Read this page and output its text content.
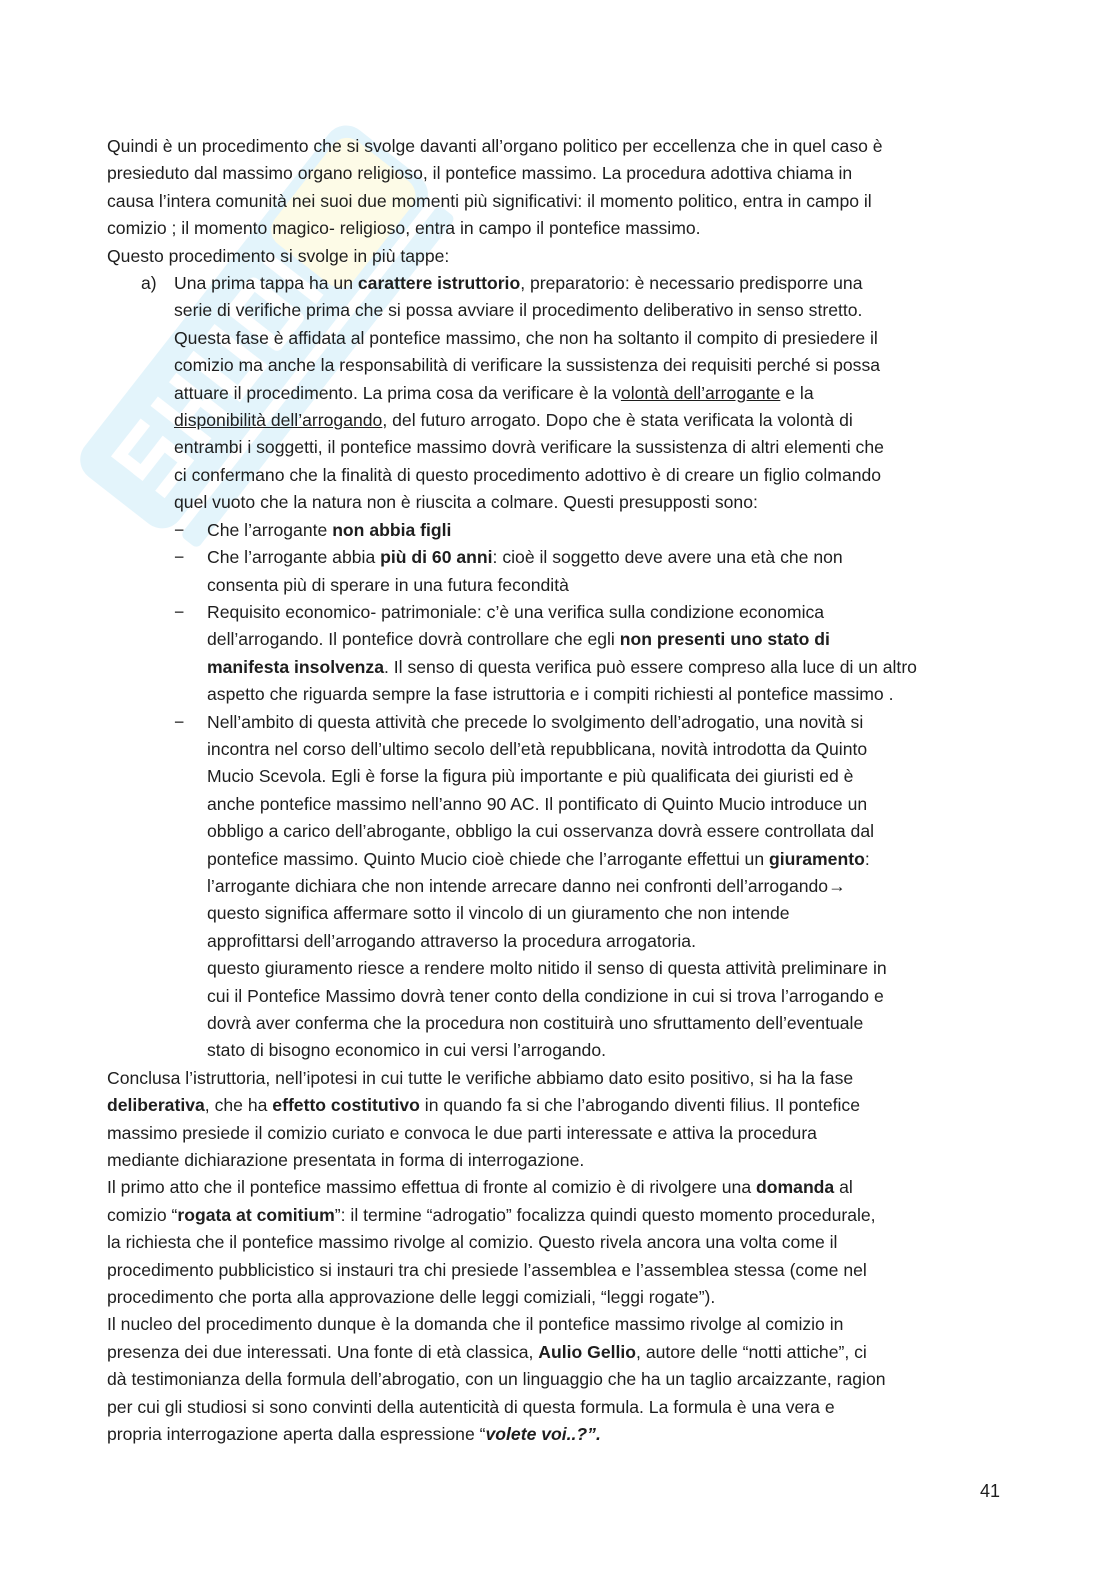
Quindi è un procedimento che si svolge davanti all’organo politico per eccellenza che in quel caso è

presieduto dal massimo organo religioso, il pontefice massimo. La procedura adottiva chiama in

causa l’intera comunità nei suoi due momenti più significativi: il momento politico, entra in campo il

comizio ; il momento magico- religioso, entra in campo il pontefice massimo.

Questo procedimento si svolge in più tappe:

a) Una prima tappa ha un carattere istruttorio, preparatorio: è necessario predisporre una

serie di verifiche prima che si possa avviare il procedimento deliberativo in senso stretto.

Questa fase è affidata al pontefice massimo, che non ha soltanto il compito di presiedere il

comizio ma anche la responsabilità di verificare la sussistenza dei requisiti perché si possa

attuare il procedimento. La prima cosa da verificare è la volontà dell’arrogante e la

disponibilità dell’arrogando, del futuro arrogato. Dopo che è stata verificata la volontà di

entrambi i soggetti, il pontefice massimo dovrà verificare la sussistenza di altri elementi che

ci confermano che la finalità di questo procedimento adottivo è di creare un figlio colmando

quel vuoto che la natura non è riuscita a colmare. Questi presupposti sono:

− Che l’arrogante non abbia figli

− Che l’arrogante abbia più di 60 anni: cioè il soggetto deve avere una età che non

consenta più di sperare in una futura fecondità

− Requisito economico- patrimoniale: c’è una verifica sulla condizione economica

dell’arrogando. Il pontefice dovrà controllare che egli non presenti uno stato di

manifesta insolvenza. Il senso di questa verifica può essere compreso alla luce di un altro

aspetto che riguarda sempre la fase istruttoria e i compiti richiesti al pontefice massimo .

− Nell’ambito di questa attività che precede lo svolgimento dell’adrogatio, una novità si

incontra nel corso dell’ultimo secolo dell’età repubblicana, novità introdotta da Quinto

Mucio Scevola. Egli è forse la figura più importante e più qualificata dei giuristi ed è

anche pontefice massimo nell’anno 90 AC. Il pontificato di Quinto Mucio introduce un

obbligo a carico dell’abrogante, obbligo la cui osservanza dovrà essere controllata dal

pontefice massimo. Quinto Mucio cioè chiede che l’arrogante effettui un giuramento:

l’arrogante dichiara che non intende arrecare danno nei confronti dell’arrogando→

questo significa affermare sotto il vincolo di un giuramento che non intende

approfittarsi dell’arrogando attraverso la procedura arrogatoria.

questo giuramento riesce a rendere molto nitido il senso di questa attività preliminare in

cui il Pontefice Massimo dovrà tener conto della condizione in cui si trova l’arrogando e

dovrà aver conferma che la procedura non costituirà uno sfruttamento dell’eventuale

stato di bisogno economico in cui versi l’arrogando.

Conclusa l’istruttoria, nell’ipotesi in cui tutte le verifiche abbiamo dato esito positivo, si ha la fase

deliberativa, che ha effetto costitutivo in quando fa si che l’abrogando diventi filius. Il pontefice

massimo presiede il comizio curiato e convoca le due parti interessate e attiva la procedura

mediante dichiarazione presentata in forma di interrogazione.

Il primo atto che il pontefice massimo effettua di fronte al comizio è di rivolgere una domanda al

comizio “rogata at comitium”: il termine “adrogatio” focalizza quindi questo momento procedurale,

la richiesta che il pontefice massimo rivolge al comizio. Questo rivela ancora una volta come il

procedimento pubblicistico si instauri tra chi presiede l’assemblea e l’assemblea stessa (come nel

procedimento che porta alla approvazione delle leggi comiziali, “leggi rogate”).

Il nucleo del procedimento dunque è la domanda che il pontefice massimo rivolge al comizio in

presenza dei due interessati. Una fonte di età classica, Aulio Gellio, autore delle “notti attiche”, ci

dà testimonianza della formula dell’abrogatio, con un linguaggio che ha un taglio arcaizzante, ragion

per cui gli studiosi si sono convinti della autenticità di questa formula. La formula è una vera e

propria interrogazione aperta dalla espressione “volete voi..?”.

41
